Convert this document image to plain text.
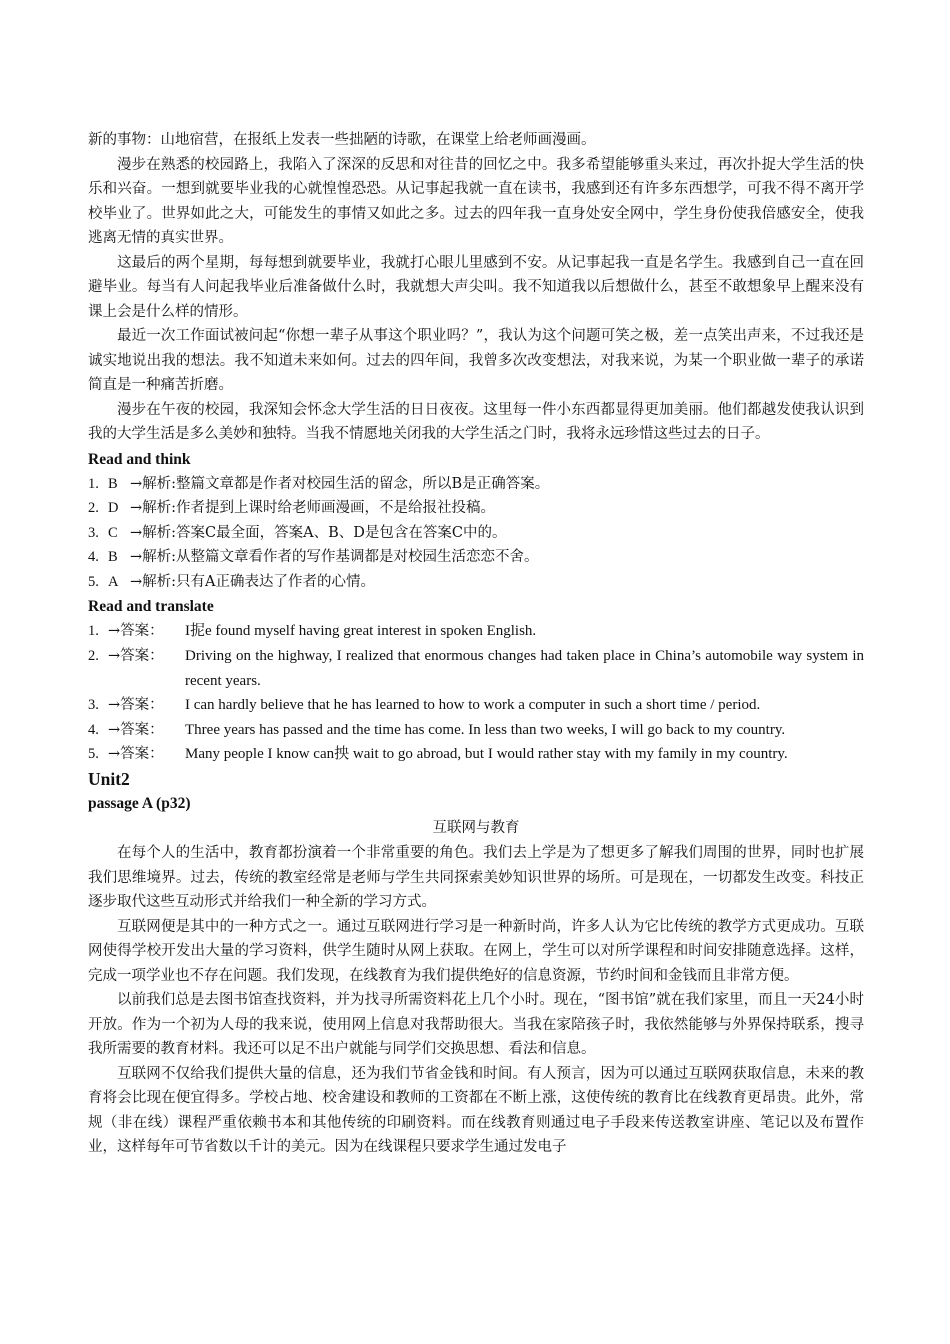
新的事物：山地宿营，在报纸上发表一些拙陋的诗歌，在课堂上给老师画漫画。

漫步在熟悉的校园路上，我陷入了深深的反思和对往昔的回忆之中。我多希望能够重头来过，再次扑捉大学生活的快乐和兴奋。一想到就要毕业我的心就惶惶恐恐。从记事起我就一直在读书，我感到还有许多东西想学，可我不得不离开学校毕业了。世界如此之大，可能发生的事情又如此之多。过去的四年我一直身处安全网中，学生身份使我倍感安全，使我逃离无情的真实世界。

这最后的两个星期，每每想到就要毕业，我就打心眼儿里感到不安。从记事起我一直是名学生。我感到自己一直在回避毕业。每当有人问起我毕业后准备做什么时，我就想大声尖叫。我不知道我以后想做什么，甚至不敢想象早上醒来没有课上会是什么样的情形。

最近一次工作面试被问起“你想一辈子从事这个职业吗？”，我认为这个问题可笑之极，差一点笑出声来，不过我还是诚实地说出我的想法。我不知道未来如何。过去的四年间，我曾多次改变想法，对我来说，为某一个职业做一辈子的承诺简直是一种痛苦折磨。

漫步在午夜的校园，我深知会怀念大学生活的日日夜夜。这里每一件小东西都显得更加美丽。他们都越发使我认识到我的大学生活是多么美妙和独特。当我不情愿地关闭我的大学生活之门时，我将永远珍惜这些过去的日子。

Read and think
1. B → 解析:整篇文章都是作者对校园生活的留念，所以B是正确答案。
2. D → 解析:作者提到上课时给老师画漫画，不是给报社投稿。
3. C → 解析:答案C最全面，答案A、B、D是包含在答案C中的。
4. B → 解析:从整篇文章看作者的写作基调都是对校园生活恋恋不舍。
5. A → 解析:只有A正确表达了作者的心情。
Read and translate
1. →答案：	I抳e found myself having great interest in spoken English.
2. →答案：	Driving on the highway, I realized that enormous changes had taken place in China’s automobile way system in recent years.
3. →答案：	I can hardly believe that he has learned to how to work a computer in such a short time / period.
4. →答案：	Three years has passed and the time has come. In less than two weeks, I will go back to my country.
5. →答案：	Many people I know can抰 wait to go abroad, but I would rather stay with my family in my country.
Unit2
passage A (p32)
互联网与教育

在每个人的生活中，教育都扮演着一个非常重要的角色。我们去上学是为了想更多了解我们周围的世界，同时也扩展我们思维境界。过去，传统的教室经常是老师与学生共同探索美妙知识世界的场所。可是现在，一切都发生改变。科技正逐步取代这些互动形式并给我们一种全新的学习方式。

互联网便是其中的一种方式之一。通过互联网进行学习是一种新时尚，许多人认为它比传统的教学方式更成功。互联网使得学校开发出大量的学习资料，供学生随时从网上获取。在网上，学生可以对所学课程和时间安排随意选择。这样，完成一项学业也不存在问题。我们发现，在线教育为我们提供绝好的信息资源，节约时间和金钱而且非常方便。

以前我们总是去图书馆查找资料，并为找寻所需资料花上几个小时。现在，“图书馆”就在我们家里，而且一天24小时开放。作为一个初为人母的我来说，使用网上信息对我帮助很大。当我在家陪孩子时，我依然能够与外界保持联系，搜寻我所需要的教育材料。我还可以足不出户就能与同学们交换思想、看法和信息。

互联网不仅给我们提供大量的信息，还为我们节省金钱和时间。有人预言，因为可以通过互联网获取信息，未来的教育将会比现在便宜得多。学校占地、校舍建设和教师的工资都在不断上涨，这使传统的教育比在线教育更昂贵。此外，常规（非在线）课程严重依赖书本和其他传统的印刷资料。而在线教育则通过电子手段来传送教室讲座、笔记以及布置作业，这样每年可节省数以千计的美元。因为在线课程只要求学生通过发电子
